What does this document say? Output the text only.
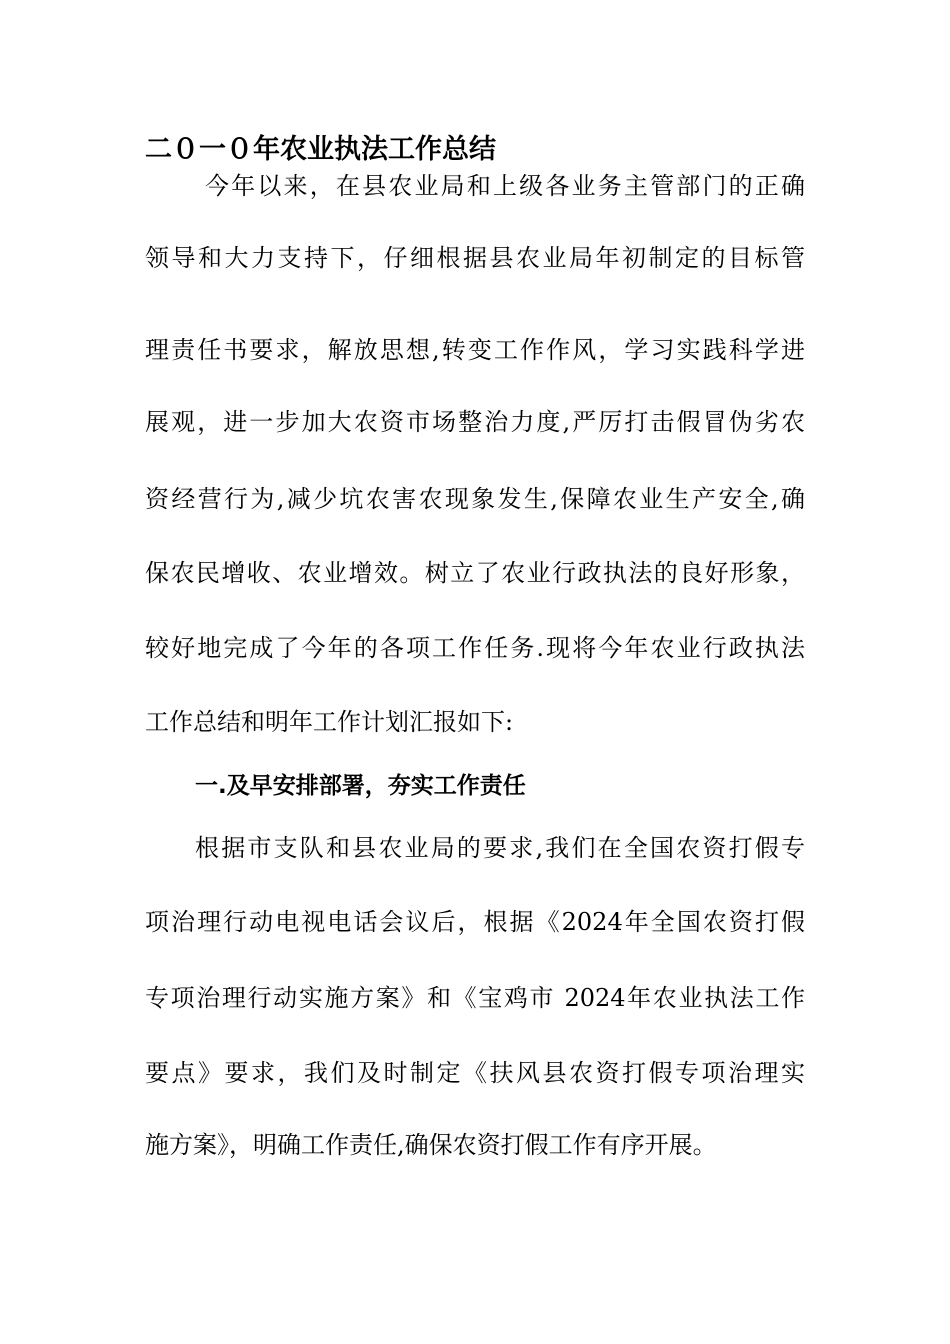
二０一０年农业执法工作总结
今年以来，在县农业局和上级各业务主管部门的正确
领导和大力支持下，仔细根据县农业局年初制定的目标管
理责任书要求，解放思想,转变工作作风，学习实践科学进
展观，进一步加大农资市场整治力度,严厉打击假冒伪劣农
资经营行为,减少坑农害农现象发生,保障农业生产安全,确
保农民增收、农业增效。树立了农业行政执法的良好形象，
较好地完成了今年的各项工作任务.现将今年农业行政执法
工作总结和明年工作计划汇报如下:
一.及早安排部署，夯实工作责任
根据市支队和县农业局的要求,我们在全国农资打假专
项治理行动电视电话会议后，根据《2024年全国农资打假
专项治理行动实施方案》和《宝鸡市 2024年农业执法工作
要点》要求，我们及时制定《扶风县农资打假专项治理实
施方案》，明确工作责任,确保农资打假工作有序开展。
